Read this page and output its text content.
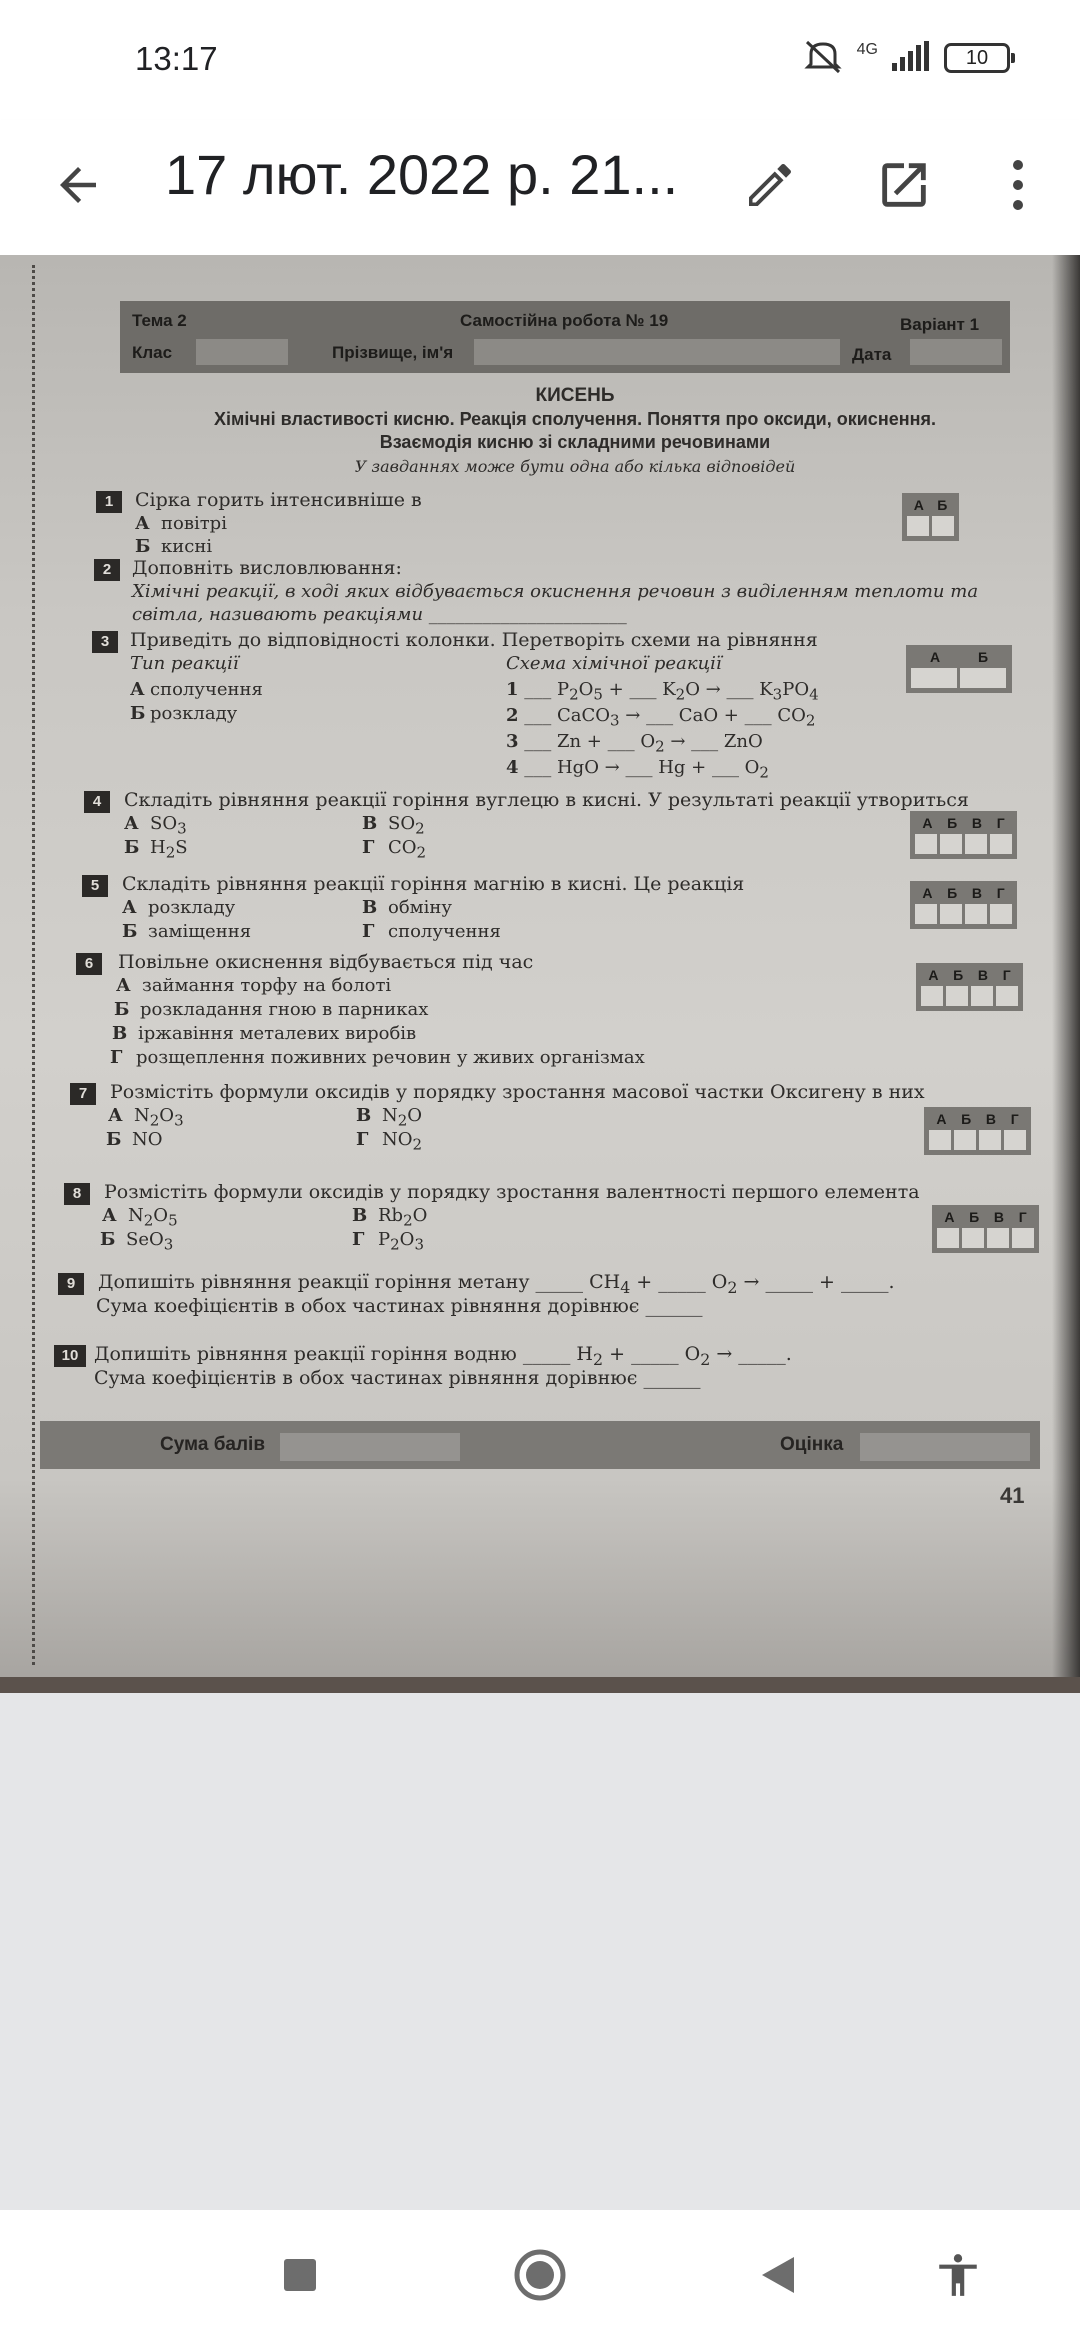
13:17	4G	10
17 лют. 2022 р. 21...
Тема 2	Самостійна робота № 19	Варіант 1
Клас	Прізвище, ім'я	Дата
КИСЕНЬ
Хімічні властивості кисню. Реакція сполучення. Поняття про оксиди, окиснення.
Взаємодія кисню зі складними речовинами
У завданнях може бути одна або кілька відповідей
1	Сірка горить інтенсивніше в
А повітрі
Б кисні
А Б
2	Доповніть висловлювання:
Хімічні реакції, в ході яких відбувається окиснення речовин з виділенням теплоти та
світла, називають реакціями ______________________
3	Приведіть до відповідності колонки. Перетворіть схеми на рівняння
Тип реакції	Схема хімічної реакції
А сполучення
Б розкладу
1 ___ $P_2O_5$ + ___ $K_2O$ → ___ $K_3PO_4$
2 ___ CaCO$_3$ → ___ CaO + ___ $CO_2$
3 ___ Zn + ___ $O_2$ → ___ ZnO
4 ___ HgO → ___ Hg + ___ $O_2$
А	Б
4	Складіть рівняння реакції горіння вуглецю в кисні. У результаті реакції утвориться
А $SO_3$
Б $H_2S$
В $SO_2$
Г $CO_2$
А Б В Г
5	Складіть рівняння реакції горіння магнію в кисні. Це реакція
А розкладу
Б заміщення
В обміну
Г сполучення
А Б В Г
6	Повільне окиснення відбувається під час
А займання торфу на болоті
Б розкладання гною в парниках
В іржавіння металевих виробів
Г розщеплення поживних речовин у живих організмах
А Б В Г
7	Розмістіть формули оксидів у порядку зростання масової частки Оксигену в них
А $N_2O_3$
Б NO
В $N_2O$
Г $NO_2$
А Б В Г
8	Розмістіть формули оксидів у порядку зростання валентності першого елемента
А $N_2O_5$
Б SeO$_3$
В $Rb_2O$
Г $P_2O_3$
А Б В Г
9	Допишіть рівняння реакції горіння метану _____ $CH_4$ + _____ $O_2$ → _____ + _____.
Сума коефіцієнтів в обох частинах рівняння дорівнює ______
10 Допишіть рівняння реакції горіння водню _____ $H_2$ + _____ $O_2$ → _____.
Сума коефіцієнтів в обох частинах рівняння дорівнює ______
Сума балів	Оцінка
41
